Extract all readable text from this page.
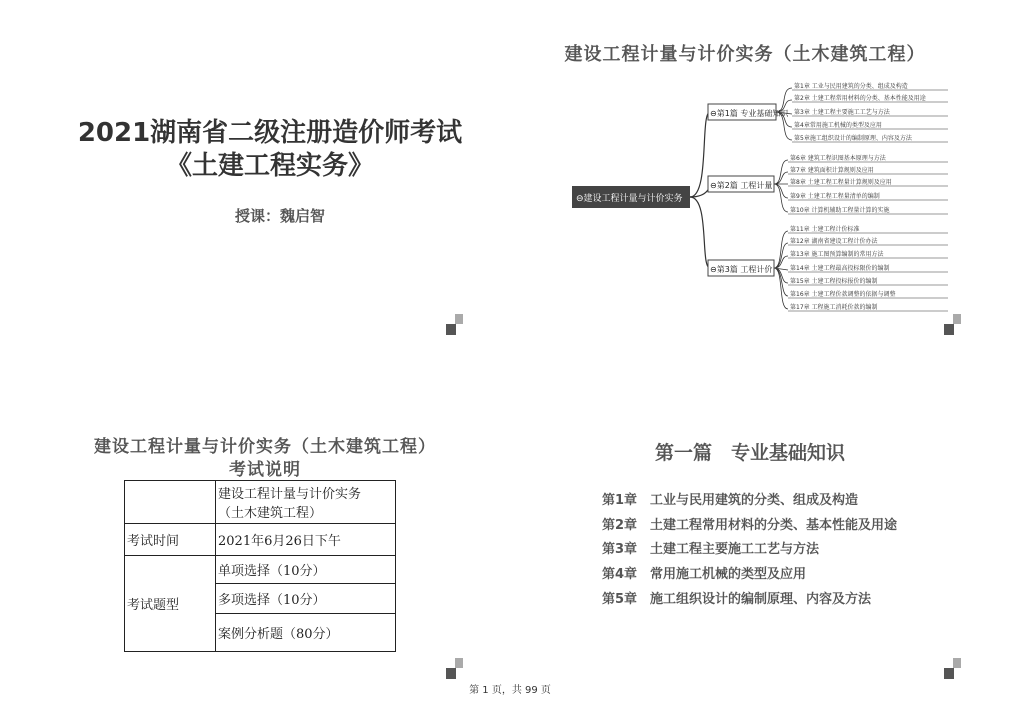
2021湖南省二级注册造价师考试
《土建工程实务》
授课：魏启智
建设工程计量与计价实务（土木建筑工程）
⊖建设工程计量与计价实务
⊖第1篇 专业基础知识
第1章 工业与民用建筑的分类、组成及构造
第2章 土建工程常用材料的分类、基本性能及用途
第3章 土建工程主要施工工艺与方法
第4章常用施工机械的类型及应用
第5章施工组织设计的编制原理、内容及方法
⊖第2篇 工程计量
第6章 建筑工程识图基本原理与方法
第7章 建筑面积计算规则及应用
第8章 土建工程工程量计算规则及应用
第9章 土建工程工程量清单的编制
第10章 计算机辅助工程量计算的实施
⊖第3篇 工程计价
第11章 土建工程计价标准
第12章 湖南省建设工程计价办法
第13章 施工图预算编制的常用方法
第14章 土建工程最高投标限价的编制
第15章 土建工程投标报价的编制
第16章 土建工程价款调整的依据与调整
第17章 工程施工消耗价款的编制
建设工程计量与计价实务（土木建筑工程）
考试说明

	建设工程计量与计价实务
（土木建筑工程）

考试时间	2021年6月26日下午
考试题型	单项选择（10分）
	多项选择（10分）
	案例分析题（80分）
第一篇　专业基础知识
第1章 工业与民用建筑的分类、组成及构造
第2章 土建工程常用材料的分类、基本性能及用途
第3章 土建工程主要施工工艺与方法
第4章 常用施工机械的类型及应用
第5章 施工组织设计的编制原理、内容及方法
第 1 页，共 99 页
